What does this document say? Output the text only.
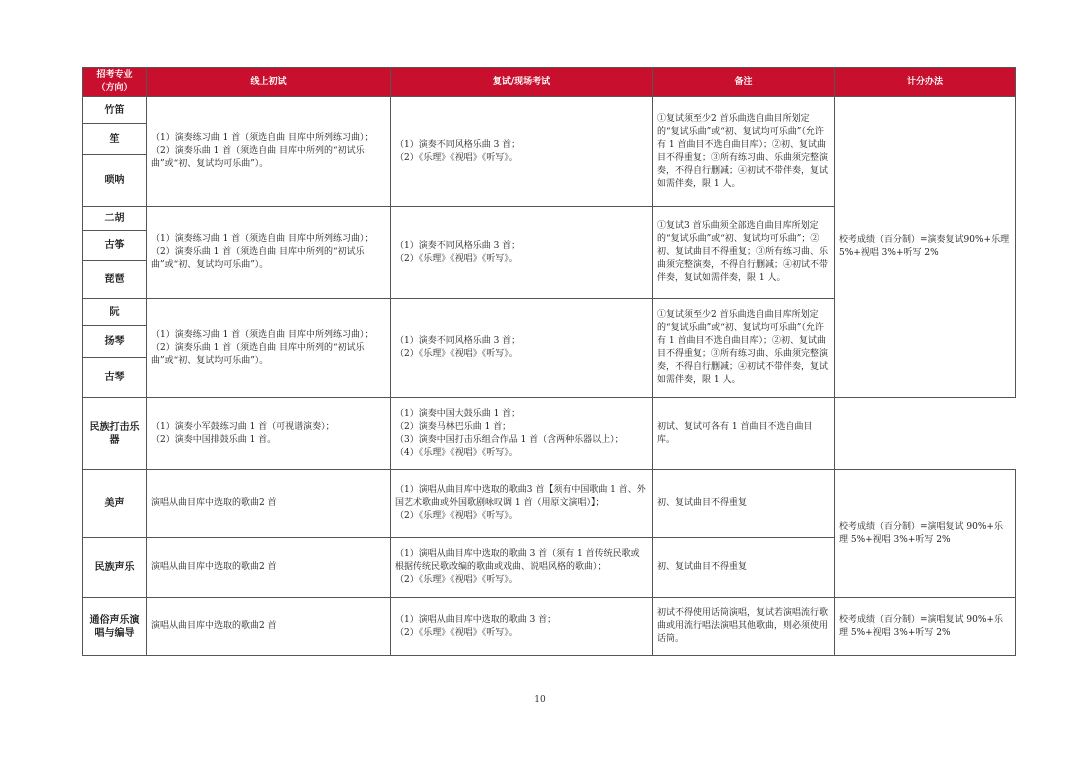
招考专业
（方向）	线上初试	复试/现场考试	备注	计分办法
竹笛	（1）演奏练习曲 1 首（须选自曲 目库中所列练习曲）；
（2）演奏乐曲 1 首（须选自曲 目库中所列的“初试乐曲”或“初、复试均可乐曲”）。	（1）演奏不同风格乐曲 3 首；
（2）《乐理》《视唱》《听写》。	①复试须至少2 首乐曲选自曲目所划定的“复试乐曲”或“初、复试均可乐曲”（允许有 1 首曲目不选自曲目库）；②初、复试曲目不得重复；③所有练习曲、乐曲须完整演奏，不得自行删减；④初试不带伴奏，复试如需伴奏，限 1 人。	校考成绩（百分制）=演奏复试90%+乐理 5%+视唱 3%+听写 2%
笙				
唢呐				
二胡	（1）演奏练习曲 1 首（须选自曲 目库中所列练习曲）；
（2）演奏乐曲 1 首（须选自曲 目库中所列的“初试乐曲”或“初、复试均可乐曲”）。	（1）演奏不同风格乐曲 3 首；
（2）《乐理》《视唱》《听写》。	①复试3 首乐曲须全部选自曲目库所划定的“复试乐曲”或“初、复试均可乐曲”；②初、复试曲目不得重复；③所有练习曲、乐曲须完整演奏，不得自行删减；④初试不带伴奏，复试如需伴奏，限 1 人。	
古筝				
琵琶				
阮	（1）演奏练习曲 1 首（须选自曲 目库中所列练习曲）；
（2）演奏乐曲 1 首（须选自曲 目库中所列的“初试乐曲”或“初、复试均可乐曲”）。	（1）演奏不同风格乐曲 3 首；
（2）《乐理》《视唱》《听写》。	①复试须至少2 首乐曲选自曲目库所划定的“复试乐曲”或“初、复试均可乐曲”（允许有 1 首曲目不选自曲目库）；②初、复试曲目不得重复；③所有练习曲、乐曲须完整演奏，不得自行删减；④初试不带伴奏，复试如需伴奏，限 1 人。	
扬琴				
古琴				
民族打击乐器	（1）演奏小军鼓练习曲 1 首（可视谱演奏）；
（2）演奏中国排鼓乐曲 1 首。	（1）演奏中国大鼓乐曲 1 首；
（2）演奏马林巴乐曲 1 首；
（3）演奏中国打击乐组合作品 1 首（含两种乐器以上）；
（4）《乐理》《视唱》《听写》。	初试、复试可各有 1 首曲目不选自曲目库。	
美声	演唱从曲目库中选取的歌曲2 首	（1）演唱从曲目库中选取的歌曲3 首【须有中国歌曲 1 首、外国艺术歌曲或外国歌剧咏叹调 1 首（用原文演唱）】；
（2）《乐理》《视唱》《听写》。	初、复试曲目不得重复	校考成绩（百分制）=演唱复试 90%+乐理 5%+视唱 3%+听写 2%
民族声乐	演唱从曲目库中选取的歌曲2 首	（1）演唱从曲目库中选取的歌曲 3 首（须有 1 首传统民歌或根据传统民歌改编的歌曲或戏曲、说唱风格的歌曲）；
（2）《乐理》《视唱》《听写》。	初、复试曲目不得重复	
通俗声乐演唱与编导	演唱从曲目库中选取的歌曲2 首	（1）演唱从曲目库中选取的歌曲 3 首；
（2）《乐理》《视唱》《听写》。	初试不得使用话筒演唱，复试若演唱流行歌曲或用流行唱法演唱其他歌曲，则必须使用话筒。	校考成绩（百分制）=演唱复试 90%+乐理 5%+视唱 3%+听写 2%
10
